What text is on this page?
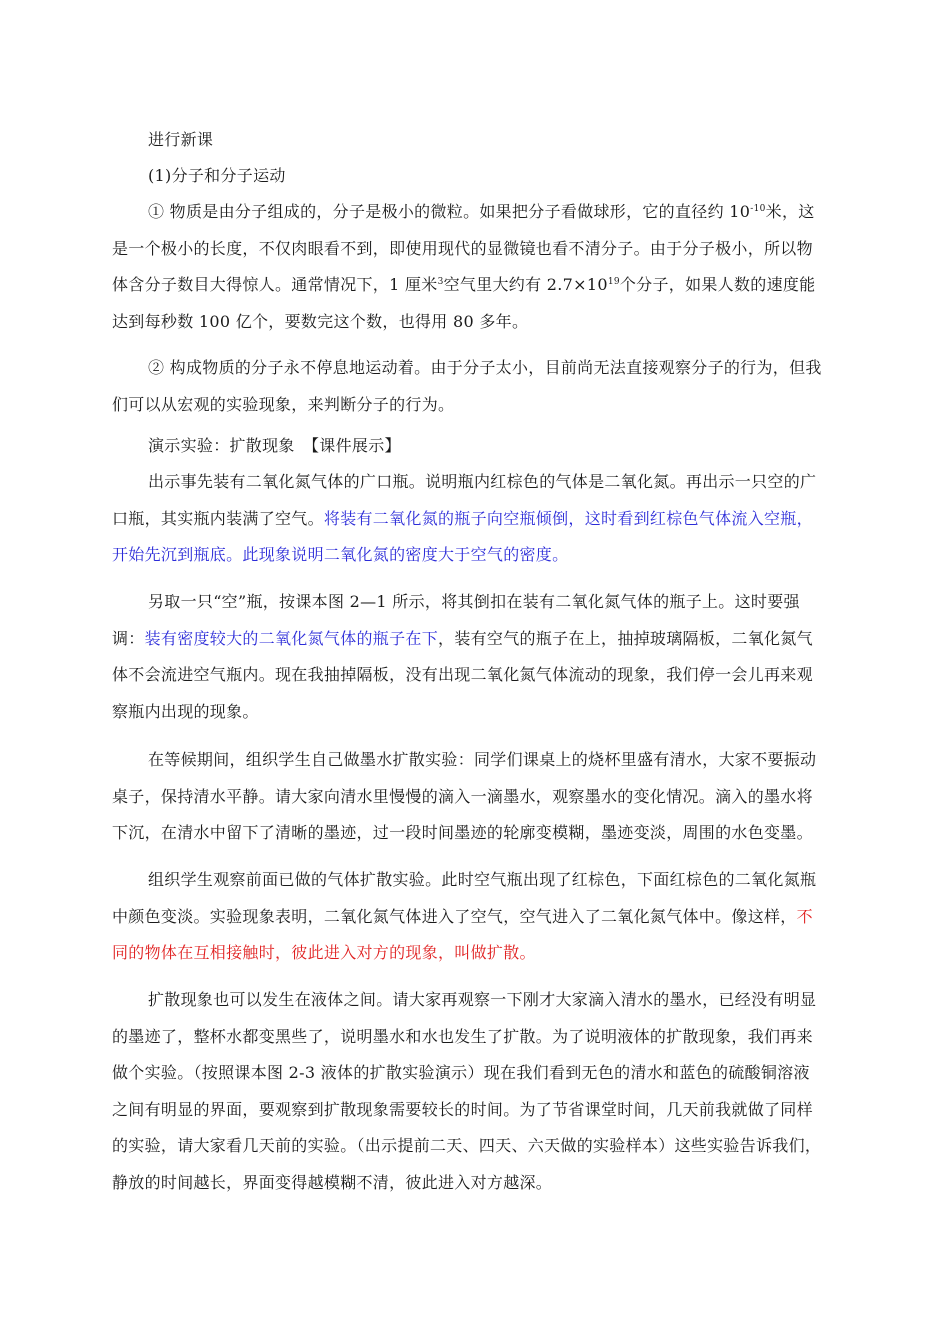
进行新课

(1)分子和分子运动

① 物质是由分子组成的，分子是极小的微粒。如果把分子看做球形，它的直径约 $10^{-10}$米，这
是一个极小的长度，不仅肉眼看不到，即使用现代的显微镜也看不清分子。由于分子极小，所以物
体含分子数目大得惊人。通常情况下，1 厘米$^3$空气里大约有 $2.7\times 10^{19}$个分子，如果人数的速度能
达到每秒数 100 亿个，要数完这个数，也得用 80 多年。
② 构成物质的分子永不停息地运动着。由于分子太小，目前尚无法直接观察分子的行为，但我
们可以从宏观的实验现象，来判断分子的行为。

演示实验：扩散现象　【课件展示】

出示事先装有二氧化氮气体的广口瓶。说明瓶内红棕色的气体是二氧化氮。再出示一只空的广
口瓶，其实瓶内装满了空气。将装有二氧化氮的瓶子向空瓶倾倒，这时看到红棕色气体流入空瓶，
开始先沉到瓶底。此现象说明二氧化氮的密度大于空气的密度。
另取一只“空”瓶，按课本图 2—1 所示，将其倒扣在装有二氧化氮气体的瓶子上。这时要强
调：装有密度较大的二氧化氮气体的瓶子在下，装有空气的瓶子在上，抽掉玻璃隔板，二氧化氮气
体不会流进空气瓶内。现在我抽掉隔板，没有出现二氧化氮气体流动的现象，我们停一会儿再来观
察瓶内出现的现象。
在等候期间，组织学生自己做墨水扩散实验：同学们课桌上的烧杯里盛有清水，大家不要振动
桌子，保持清水平静。请大家向清水里慢慢的滴入一滴墨水，观察墨水的变化情况。滴入的墨水将
下沉，在清水中留下了清晰的墨迹，过一段时间墨迹的轮廓变模糊，墨迹变淡，周围的水色变墨。
组织学生观察前面已做的气体扩散实验。此时空气瓶出现了红棕色，下面红棕色的二氧化氮瓶
中颜色变淡。实验现象表明，二氧化氮气体进入了空气，空气进入了二氧化氮气体中。像这样，不
同的物体在互相接触时，彼此进入对方的现象，叫做扩散。
扩散现象也可以发生在液体之间。请大家再观察一下刚才大家滴入清水的墨水，已经没有明显
的墨迹了，整杯水都变黑些了，说明墨水和水也发生了扩散。为了说明液体的扩散现象，我们再来
做个实验。（按照课本图 2-3 液体的扩散实验演示）现在我们看到无色的清水和蓝色的硫酸铜溶液
之间有明显的界面，要观察到扩散现象需要较长的时间。为了节省课堂时间，几天前我就做了同样
的实验，请大家看几天前的实验。（出示提前二天、四天、六天做的实验样本）这些实验告诉我们，
静放的时间越长，界面变得越模糊不清，彼此进入对方越深。
